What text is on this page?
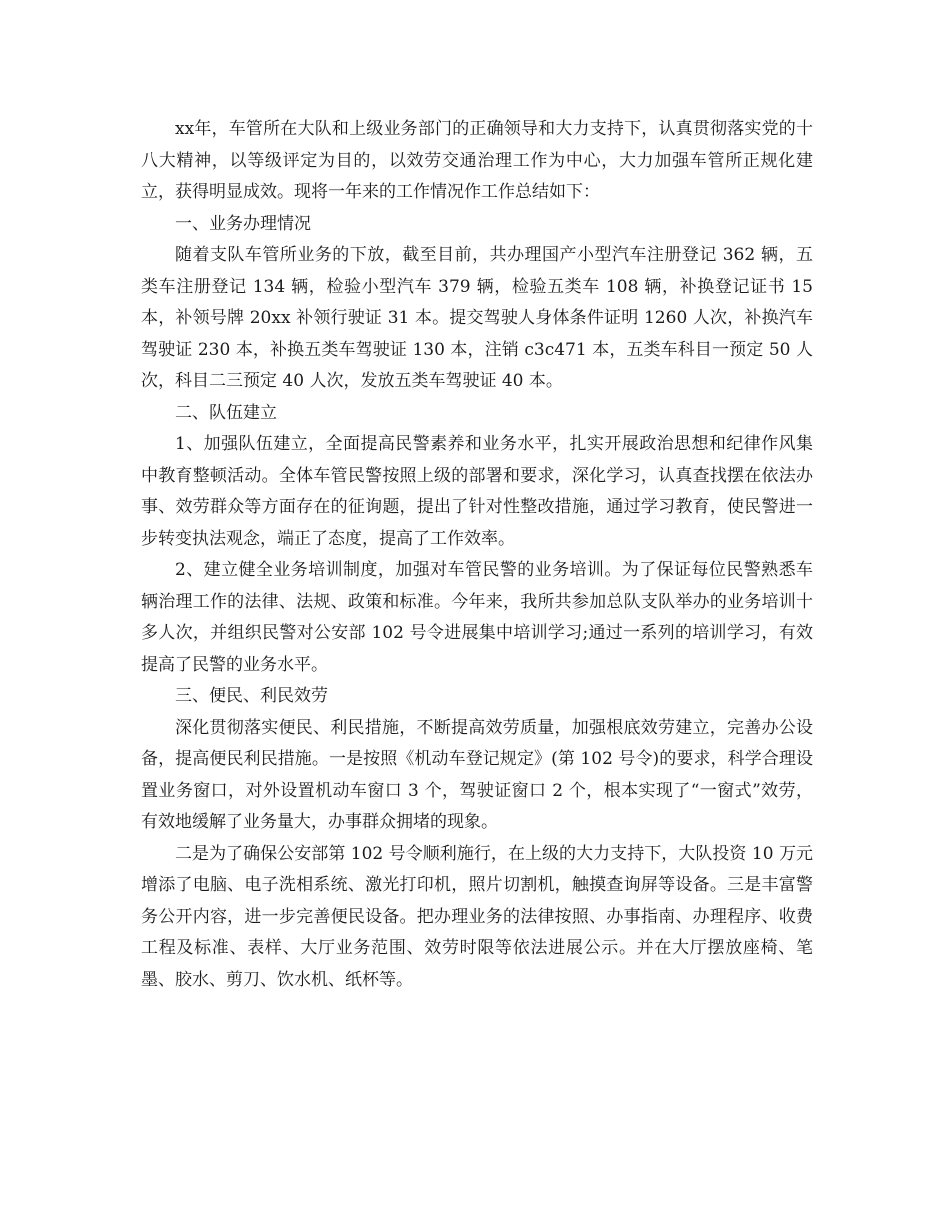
xx年，车管所在大队和上级业务部门的正确领导和大力支持下，认真贯彻落实党的十八大精神，以等级评定为目的，以效劳交通治理工作为中心，大力加强车管所正规化建立，获得明显成效。现将一年来的工作情况作工作总结如下：

一、业务办理情况

随着支队车管所业务的下放，截至目前，共办理国产小型汽车注册登记 362 辆，五类车注册登记 134 辆，检验小型汽车 379 辆，检验五类车 108 辆，补换登记证书 15 本，补领号牌 20xx 补领行驶证 31 本。提交驾驶人身体条件证明 1260 人次，补换汽车驾驶证 230 本，补换五类车驾驶证 130 本，注销 c3c471 本，五类车科目一预定 50 人次，科目二三预定 40 人次，发放五类车驾驶证 40 本。

二、队伍建立

1、加强队伍建立，全面提高民警素养和业务水平，扎实开展政治思想和纪律作风集中教育整顿活动。全体车管民警按照上级的部署和要求，深化学习，认真查找摆在依法办事、效劳群众等方面存在的征询题，提出了针对性整改措施，通过学习教育，使民警进一步转变执法观念，端正了态度，提高了工作效率。

2、建立健全业务培训制度，加强对车管民警的业务培训。为了保证每位民警熟悉车辆治理工作的法律、法规、政策和标准。今年来，我所共参加总队支队举办的业务培训十多人次，并组织民警对公安部 102 号令进展集中培训学习;通过一系列的培训学习，有效提高了民警的业务水平。

三、便民、利民效劳

深化贯彻落实便民、利民措施，不断提高效劳质量，加强根底效劳建立，完善办公设备，提高便民利民措施。一是按照《机动车登记规定》(第 102 号令)的要求，科学合理设置业务窗口，对外设置机动车窗口 3 个，驾驶证窗口 2 个，根本实现了“一窗式”效劳，有效地缓解了业务量大，办事群众拥堵的现象。

二是为了确保公安部第 102 号令顺利施行，在上级的大力支持下，大队投资 10 万元增添了电脑、电子洗相系统、激光打印机，照片切割机，触摸查询屏等设备。三是丰富警务公开内容，进一步完善便民设备。把办理业务的法律按照、办事指南、办理程序、收费工程及标准、表样、大厅业务范围、效劳时限等依法进展公示。并在大厅摆放座椅、笔墨、胶水、剪刀、饮水机、纸杯等。
